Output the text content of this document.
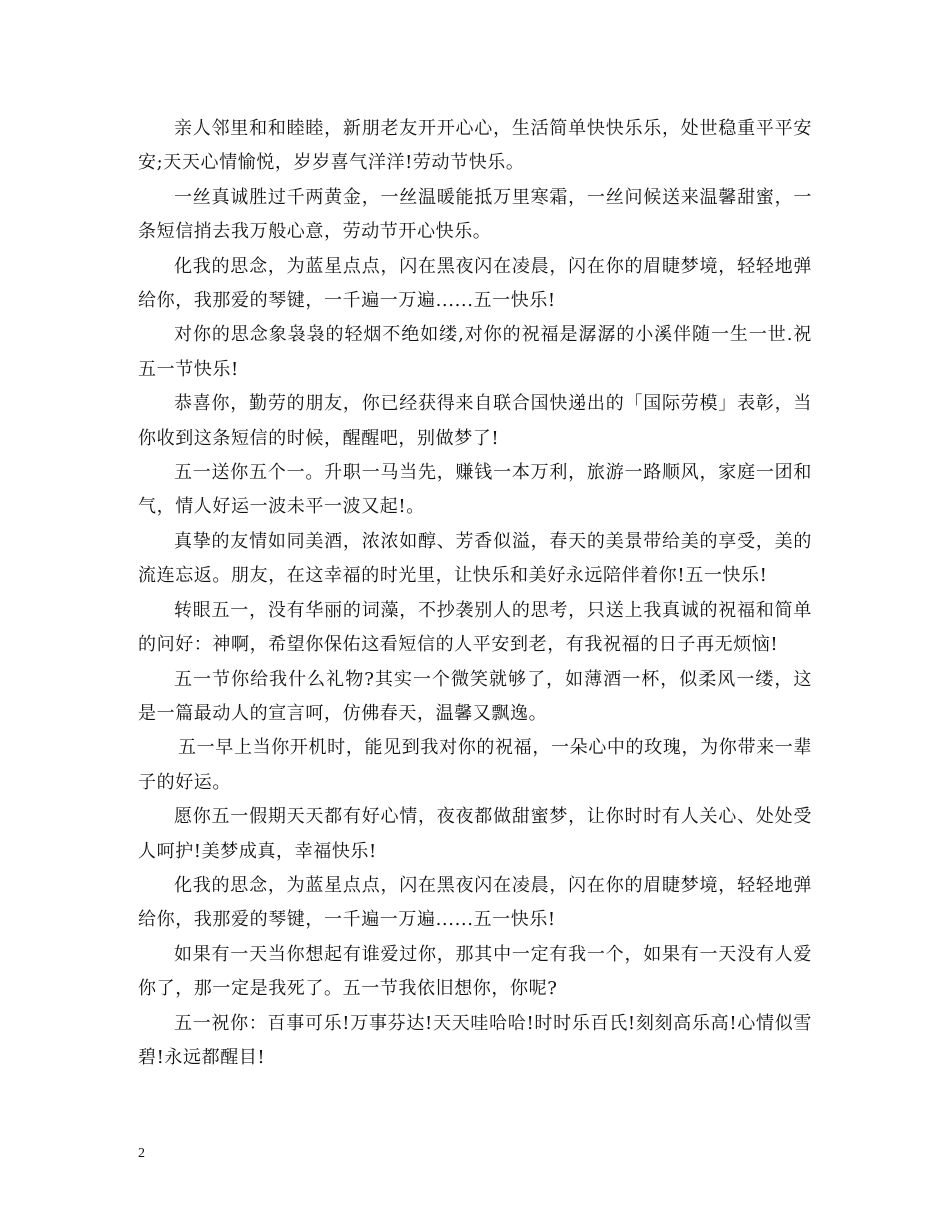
亲人邻里和和睦睦，新朋老友开开心心，生活简单快快乐乐，处世稳重平平安安;天天心情愉悦，岁岁喜气洋洋!劳动节快乐。

一丝真诚胜过千两黄金，一丝温暖能抵万里寒霜，一丝问候送来温馨甜蜜，一条短信捎去我万般心意，劳动节开心快乐。

化我的思念，为蓝星点点，闪在黑夜闪在凌晨，闪在你的眉睫梦境，轻轻地弹给你，我那爱的琴键，一千遍一万遍......五一快乐!

对你的思念象袅袅的轻烟不绝如缕,对你的祝福是潺潺的小溪伴随一生一世.祝五一节快乐!

恭喜你，勤劳的朋友，你已经获得来自联合国快递出的「国际劳模」表彰，当你收到这条短信的时候，醒醒吧，别做梦了!

五一送你五个一。升职一马当先，赚钱一本万利，旅游一路顺风，家庭一团和气，情人好运一波未平一波又起!。

真挚的友情如同美酒，浓浓如醇、芳香似溢，春天的美景带给美的享受，美的流连忘返。朋友，在这幸福的时光里，让快乐和美好永远陪伴着你!五一快乐!

转眼五一，没有华丽的词藻，不抄袭别人的思考，只送上我真诚的祝福和简单的问好：神啊，希望你保佑这看短信的人平安到老，有我祝福的日子再无烦恼!

五一节你给我什么礼物?其实一个微笑就够了，如薄酒一杯，似柔风一缕，这是一篇最动人的宣言呵，仿佛春天，温馨又飘逸。

五一早上当你开机时，能见到我对你的祝福，一朵心中的玫瑰，为你带来一辈子的好运。

愿你五一假期天天都有好心情，夜夜都做甜蜜梦，让你时时有人关心、处处受人呵护!美梦成真，幸福快乐!

化我的思念，为蓝星点点，闪在黑夜闪在凌晨，闪在你的眉睫梦境，轻轻地弹给你，我那爱的琴键，一千遍一万遍......五一快乐!

如果有一天当你想起有谁爱过你，那其中一定有我一个，如果有一天没有人爱你了，那一定是我死了。五一节我依旧想你，你呢?

五一祝你：百事可乐!万事芬达!天天哇哈哈!时时乐百氏!刻刻高乐高!心情似雪碧!永远都醒目!

2
